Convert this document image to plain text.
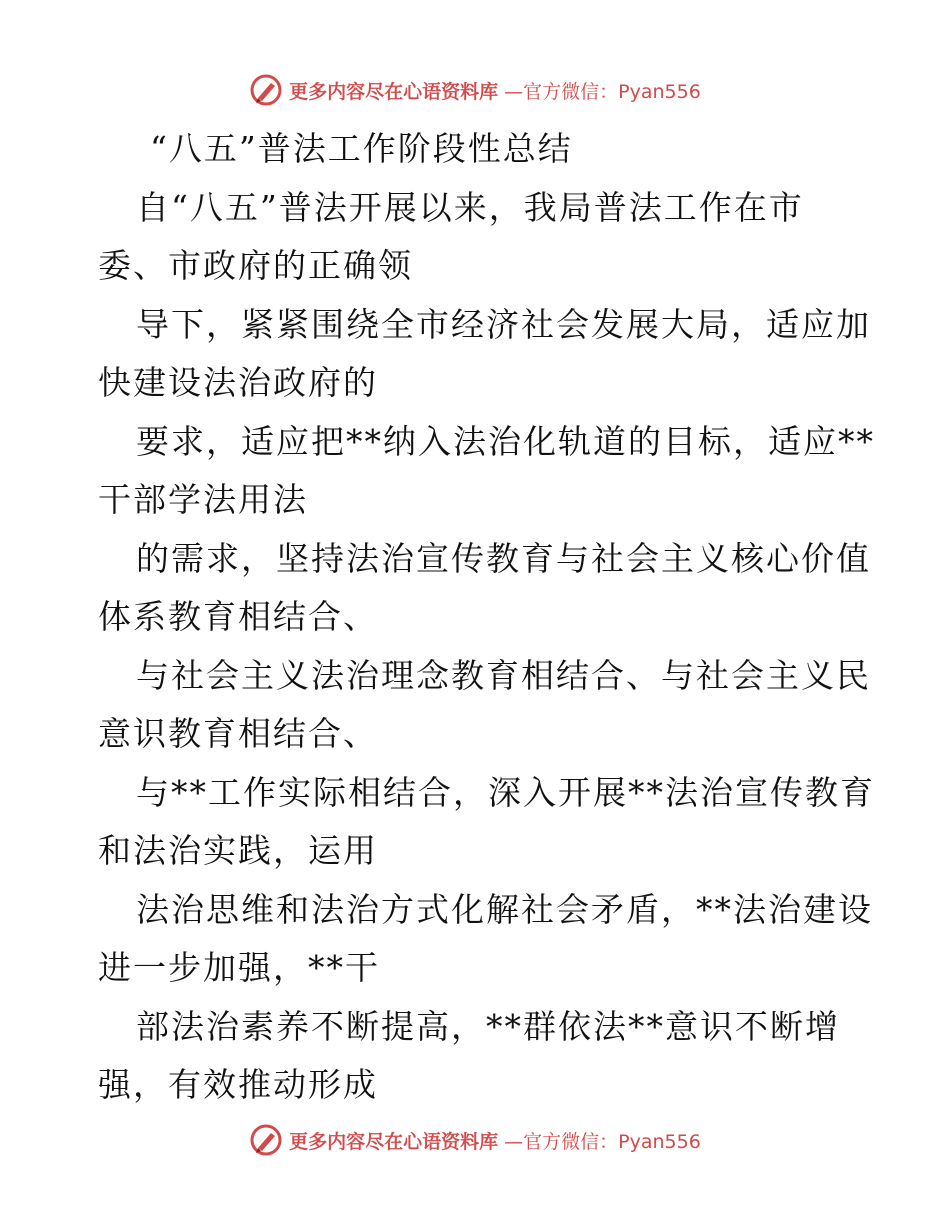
更多内容尽在心语资料库 —官方微信：Pyan556
“八五”普法工作阶段性总结
自“八五”普法开展以来，我局普法工作在市
委、市政府的正确领
导下，紧紧围绕全市经济社会发展大局，适应加
快建设法治政府的
要求，适应把**纳入法治化轨道的目标，适应**
干部学法用法
的需求，坚持法治宣传教育与社会主义核心价值
体系教育相结合、
与社会主义法治理念教育相结合、与社会主义民
意识教育相结合、
与**工作实际相结合，深入开展**法治宣传教育
和法治实践，运用
法治思维和法治方式化解社会矛盾，**法治建设
进一步加强，**干
部法治素养不断提高，**群依法**意识不断增
强，有效推动形成
更多内容尽在心语资料库 —官方微信：Pyan556
